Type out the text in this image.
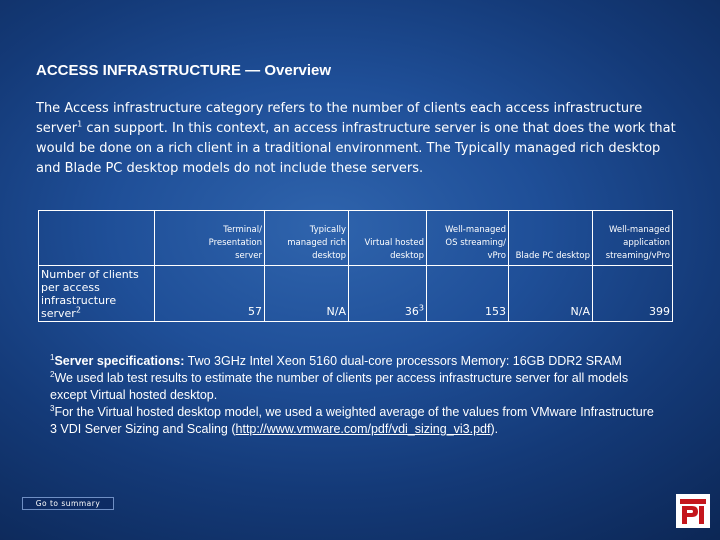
ACCESS INFRASTRUCTURE — Overview
The Access infrastructure category refers to the number of clients each access infrastructure server$^1$ can support. In this context, an access infrastructure server is one that does the work that would be done on a rich client in a traditional environment. The Typically managed rich desktop and Blade PC desktop models do not include these servers.
	Terminal/
Presentation
server	Typically
managed rich
desktop	Virtual hosted
desktop	Well-managed
OS streaming/
vPro	Blade PC desktop	Well-managed
application
streaming/vPro
Number of clients per access infrastructure server$^2$	57	N/A	$36^3$	153	N/A	399

$^1$Server specifications: Two 3GHz Intel Xeon 5160 dual-core processors Memory: 16GB DDR2 SRAM

$^2$We used lab test results to estimate the number of clients per access infrastructure server for all models except Virtual hosted desktop.

$^3$For the Virtual hosted desktop model, we used a weighted average of the values from VMware Infrastructure 3 VDI Server Sizing and Scaling (http://www.vmware.com/pdf/vdi_sizing_vi3.pdf).

Go to summary
